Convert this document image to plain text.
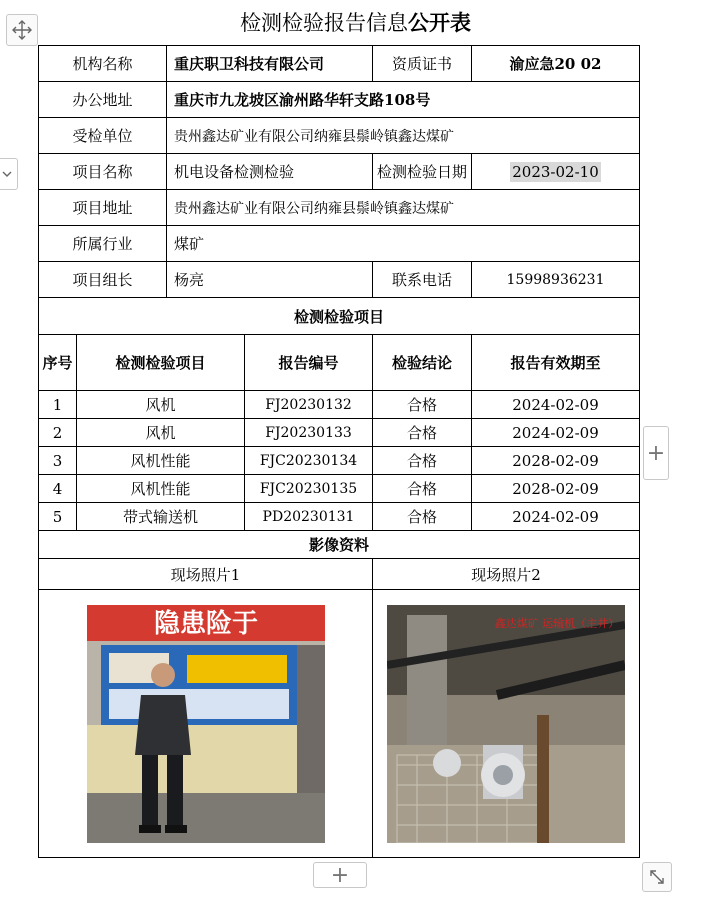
检测检验报告信息公开表
机构名称		重庆职卫科技有限公司		资质证书	渝应急20 02
办公地址		重庆市九龙坡区渝州路华轩支路108号			
受检单位		贵州鑫达矿业有限公司纳雍县鬃岭镇鑫达煤矿			
项目名称		机电设备检测检验		检测检验日期	2023-02-10
项目地址		贵州鑫达矿业有限公司纳雍县鬃岭镇鑫达煤矿			
所属行业		煤矿			
项目组长		杨亮		联系电话	15998936231
检测检验项目					
序号	检测检验项目		报告编号	检验结论	报告有效期至
1	风机		FJ20230132	合格	2024-02-09
2	风机		FJ20230133	合格	2024-02-09
3	风机性能		FJC20230134	合格	2028-02-09
4	风机性能		FJC20230135	合格	2028-02-09
5	带式输送机		PD20230131	合格	2024-02-09
影像资料					
现场照片1				现场照片2	

隐患险于				鑫达煤矿 运输机（主井）	
+
+
